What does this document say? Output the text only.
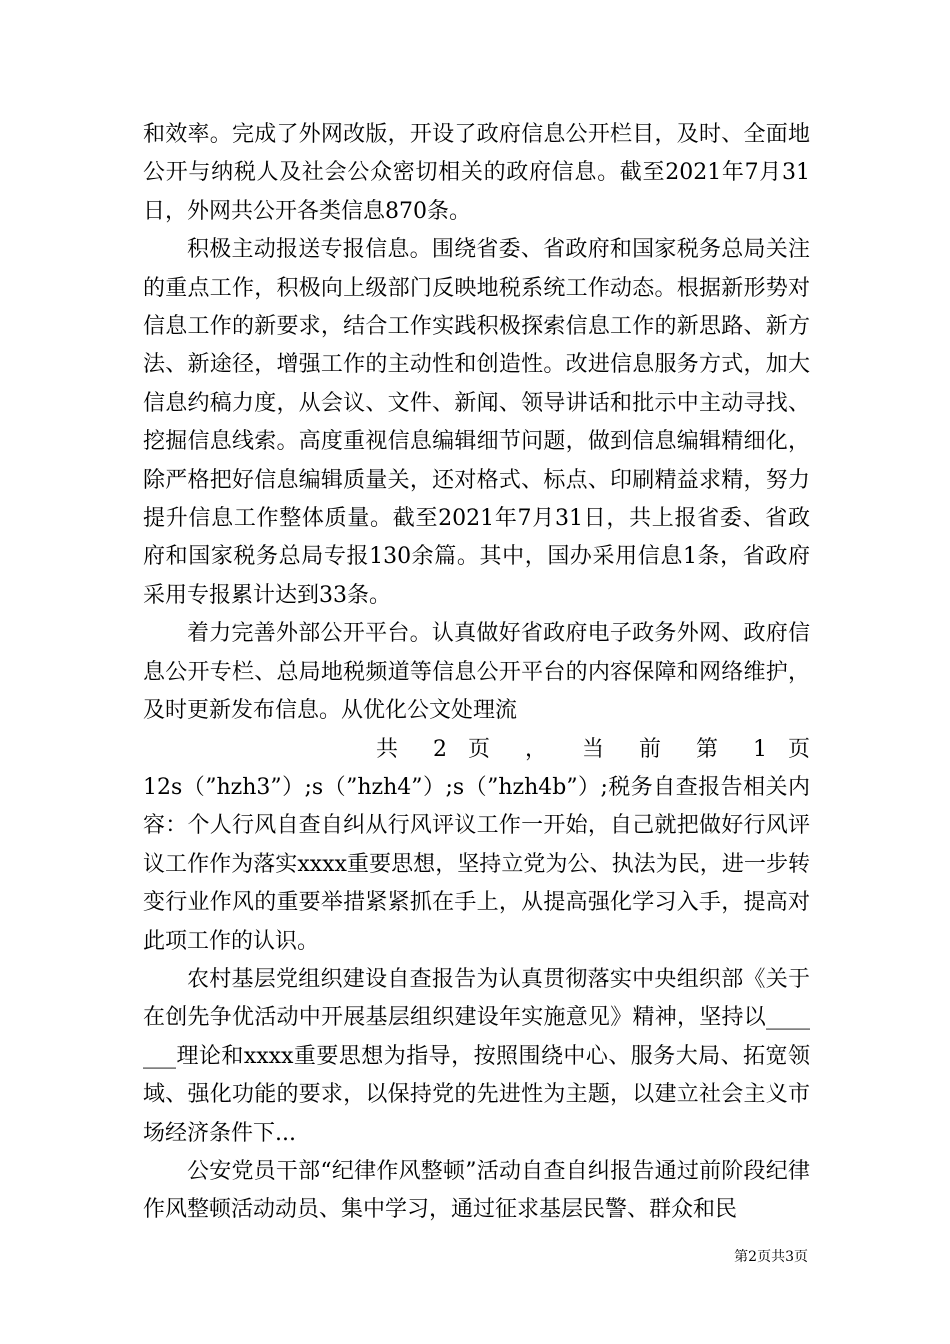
和效率。完成了外网改版，开设了政府信息公开栏目，及时、全面地公开与纳税人及社会公众密切相关的政府信息。截至2021年7月31日，外网共公开各类信息870条。

积极主动报送专报信息。围绕省委、省政府和国家税务总局关注的重点工作，积极向上级部门反映地税系统工作动态。根据新形势对信息工作的新要求，结合工作实践积极探索信息工作的新思路、新方法、新途径，增强工作的主动性和创造性。改进信息服务方式，加大信息约稿力度，从会议、文件、新闻、领导讲话和批示中主动寻找、挖掘信息线索。高度重视信息编辑细节问题，做到信息编辑精细化，除严格把好信息编辑质量关，还对格式、标点、印刷精益求精，努力提升信息工作整体质量。截至2021年7月31日，共上报省委、省政府和国家税务总局专报130余篇。其中，国办采用信息1条，省政府采用专报累计达到33条。

着力完善外部公开平台。认真做好省政府电子政务外网、政府信息公开专栏、总局地税频道等信息公开平台的内容保障和网络维护，及时更新发布信息。从优化公文处理流

共 2 页 ， 当 前 第 1 页

12s（”hzh3”）;s（”hzh4”）;s（”hzh4b”）;税务自查报告相关内容：个人行风自查自纠从行风评议工作一开始，自己就把做好行风评议工作作为落实xxxx重要思想，坚持立党为公、执法为民，进一步转变行业作风的重要举措紧紧抓在手上，从提高强化学习入手，提高对此项工作的认识。

农村基层党组织建设自查报告为认真贯彻落实中央组织部《关于在创先争优活动中开展基层组织建设年实施意见》精神，坚持以_______理论和xxxx重要思想为指导，按照围绕中心、服务大局、拓宽领域、强化功能的要求，以保持党的先进性为主题，以建立社会主义市场经济条件下...

公安党员干部“纪律作风整顿”活动自查自纠报告通过前阶段纪律作风整顿活动动员、集中学习，通过征求基层民警、群众和民

第2页共3页
